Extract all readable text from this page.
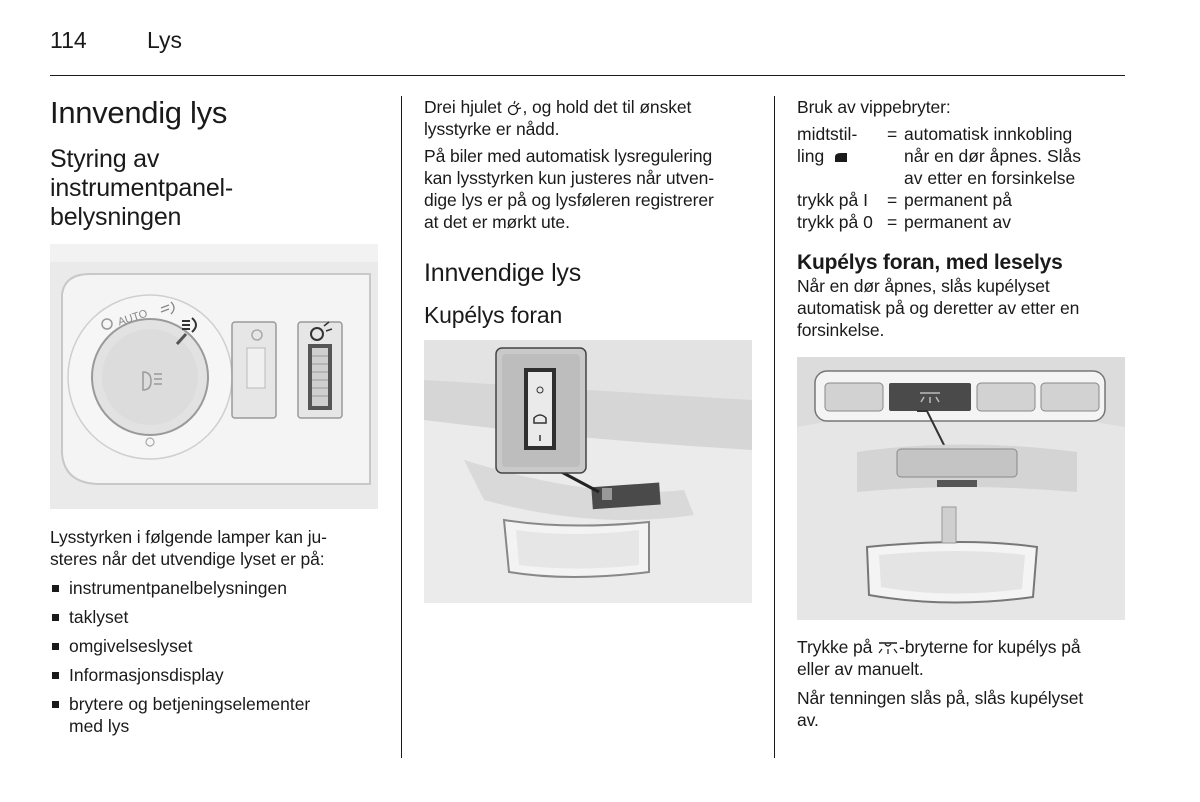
114	Lys
Innvendig lys
Styring av
instrumentpanel-
belysningen
AUTO

Lysstyrken i følgende lamper kan ju-
steres når det utvendige lyset er på:

instrumentpanelbelysningen
taklyset
omgivelseslyset
Informasjonsdisplay
brytere og betjeningselementer med lys

Drei hjulet , og hold det til ønsket lysstyrke er nådd.

På biler med automatisk lysregulering
kan lysstyrken kun justeres når utven-
dige lys er på og lysføleren registrerer
at det er mørkt ute.

Innvendige lys
Kupélys foran

Bruk av vippebryter:

midtstil-
ling
= automatisk innkobling
når en dør åpnes. Slås
av etter en forsinkelse
trykk på I	= permanent på
trykk på 0 = permanent av
Kupélys foran, med leselys

Når en dør åpnes, slås kupélyset
automatisk på og deretter av etter en
forsinkelse.

Trykke på -bryterne for kupélys på
eller av manuelt.

Når tenningen slås på, slås kupélyset
av.
